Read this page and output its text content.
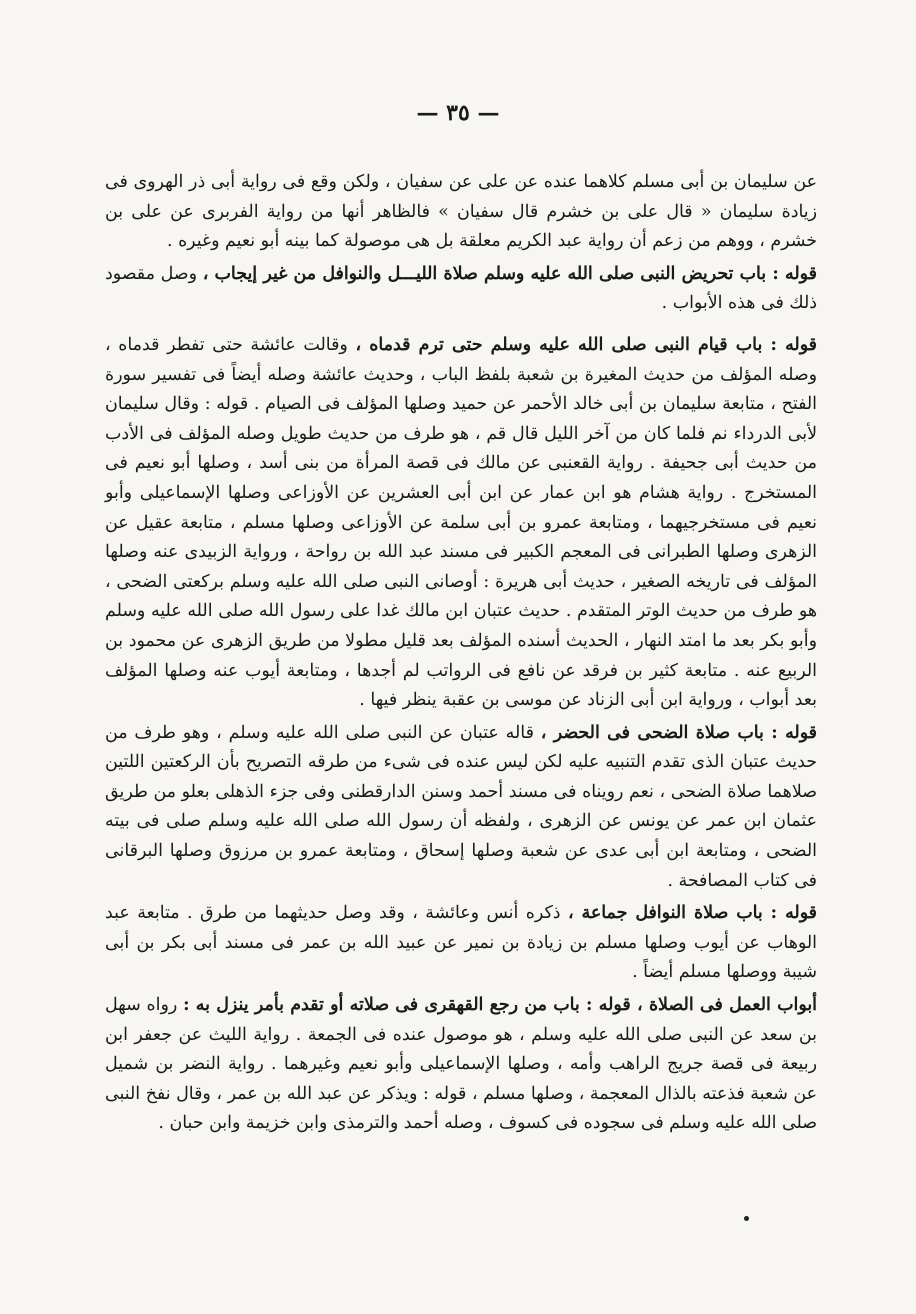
— ٣٥ —

عن سليمان بن أبى مسلم كلاهما عنده عن على عن سفيان ، ولكن وقع فى رواية أبى ذر الهروى فى زيادة سليمان « قال على بن خشرم قال سفيان » فالظاهر أنها من رواية الفربرى عن على بن خشرم ، ووهم من زعم أن رواية عبد الكريم معلقة بل هى موصولة كما بينه أبو نعيم وغيره .

قوله : باب تحريض النبى صلى الله عليه وسلم صلاة الليـــل والنوافل من غير إيجاب ، وصل مقصود ذلك فى هذه الأبواب .

قوله : باب قيام النبى صلى الله عليه وسلم حتى ترم قدماه ، وقالت عائشة حتى تفطر قدماه ، وصله المؤلف من حديث المغيرة بن شعبة بلفظ الباب ، وحديث عائشة وصله أيضاً فى تفسير سورة الفتح ، متابعة سليمان بن أبى خالد الأحمر عن حميد وصلها المؤلف فى الصيام . قوله : وقال سليمان لأبى الدرداء نم فلما كان من آخر الليل قال قم ، هو طرف من حديث طويل وصله المؤلف فى الأدب من حديث أبى جحيفة . رواية القعنبى عن مالك فى قصة المرأة من بنى أسد ، وصلها أبو نعيم فى المستخرج . رواية هشام هو ابن عمار عن ابن أبى العشرين عن الأوزاعى وصلها الإسماعيلى وأبو نعيم فى مستخرجيهما ، ومتابعة عمرو بن أبى سلمة عن الأوزاعى وصلها مسلم ، متابعة عقيل عن الزهرى وصلها الطبرانى فى المعجم الكبير فى مسند عبد الله بن رواحة ، ورواية الزبيدى عنه وصلها المؤلف فى تاريخه الصغير ، حديث أبى هريرة : أوصانى النبى صلى الله عليه وسلم بركعتى الضحى ، هو طرف من حديث الوتر المتقدم . حديث عتبان ابن مالك غدا على رسول الله صلى الله عليه وسلم وأبو بكر بعد ما امتد النهار ، الحديث أسنده المؤلف بعد قليل مطولا من طريق الزهرى عن محمود بن الربيع عنه . متابعة كثير بن فرقد عن نافع فى الرواتب لم أجدها ، ومتابعة أيوب عنه وصلها المؤلف بعد أبواب ، ورواية ابن أبى الزناد عن موسى بن عقبة ينظر فيها .

قوله : باب صلاة الضحى فى الحضر ، قاله عتبان عن النبى صلى الله عليه وسلم ، وهو طرف من حديث عتبان الذى تقدم التنبيه عليه لكن ليس عنده فى شىء من طرقه التصريح بأن الركعتين اللتين صلاهما صلاة الضحى ، نعم رويناه فى مسند أحمد وسنن الدارقطنى وفى جزء الذهلى بعلو من طريق عثمان ابن عمر عن يونس عن الزهرى ، ولفظه أن رسول الله صلى الله عليه وسلم صلى فى بيته الضحى ، ومتابعة ابن أبى عدى عن شعبة وصلها إسحاق ، ومتابعة عمرو بن مرزوق وصلها البرقانى فى كتاب المصافحة .

قوله : باب صلاة النوافل جماعة ، ذكره أنس وعائشة ، وقد وصل حديثهما من طرق . متابعة عبد الوهاب عن أيوب وصلها مسلم بن زيادة بن نمير عن عبيد الله بن عمر فى مسند أبى بكر بن أبى شيبة ووصلها مسلم أيضاً .

أبواب العمل فى الصلاة ، قوله : باب من رجع القهقرى فى صلاته أو تقدم بأمر ينزل به : رواه سهل بن سعد عن النبى صلى الله عليه وسلم ، هو موصول عنده فى الجمعة . رواية الليث عن جعفر ابن ربيعة فى قصة جريج الراهب وأمه ، وصلها الإسماعيلى وأبو نعيم وغيرهما . رواية النضر بن شميل عن شعبة فذعته بالذال المعجمة ، وصلها مسلم ، قوله : ويذكر عن عبد الله بن عمر ، وقال نفخ النبى صلى الله عليه وسلم فى سجوده فى كسوف ، وصله أحمد والترمذى وابن خزيمة وابن حبان .
